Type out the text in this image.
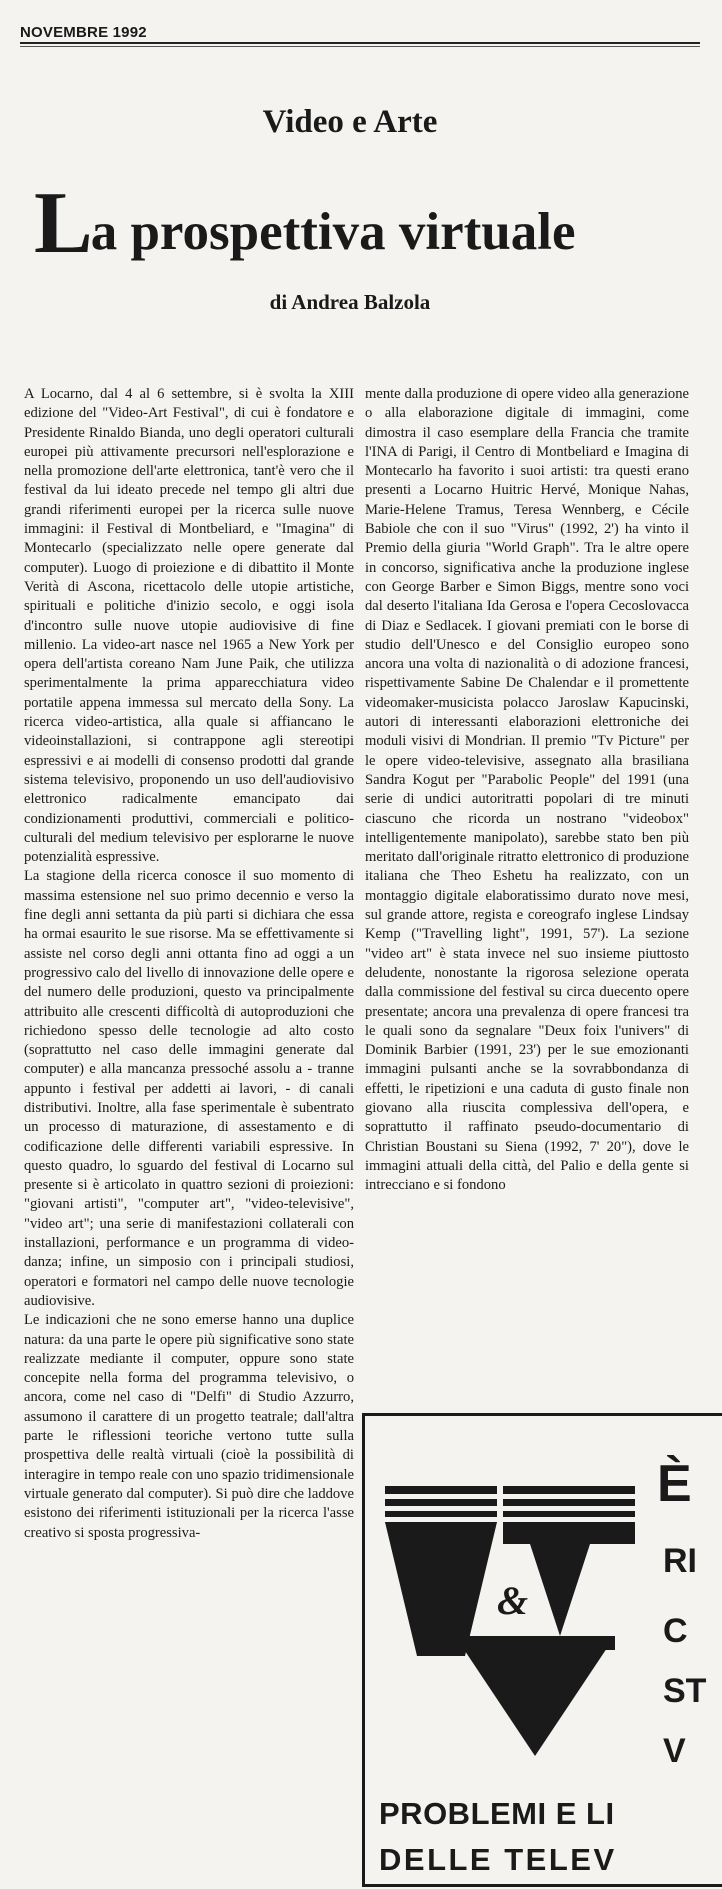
NOVEMBRE 1992
Video e Arte
La prospettiva virtuale
di Andrea Balzola

A Locarno, dal 4 al 6 settembre, si è svolta la XIII edizione del "Video-Art Festival", di cui è fondatore e Presidente Rinaldo Bianda, uno degli operatori culturali europei più attivamente precursori nell'esplorazione e nella promozione dell'arte elettronica, tant'è vero che il festival da lui ideato precede nel tempo gli altri due grandi riferimenti europei per la ricerca sulle nuove immagini: il Festival di Montbeliard, e "Imagina" di Montecarlo (specializzato nelle opere generate dal computer). Luogo di proiezione e di dibattito il Monte Verità di Ascona, ricettacolo delle utopie artistiche, spirituali e politiche d'inizio secolo, e oggi isola d'incontro sulle nuove utopie audiovisive di fine millenio. La video-art nasce nel 1965 a New York per opera dell'artista coreano Nam June Paik, che utilizza sperimentalmente la prima apparecchiatura video portatile appena immessa sul mercato della Sony. La ricerca video-artistica, alla quale si affiancano le videoinstallazioni, si contrappone agli stereotipi espressivi e ai modelli di consenso prodotti dal grande sistema televisivo, proponendo un uso dell'audiovisivo elettronico radicalmente emancipato dai condizionamenti produttivi, commerciali e politico-culturali del medium televisivo per esplorarne le nuove potenzialità espressive.

La stagione della ricerca conosce il suo momento di massima estensione nel suo primo decennio e verso la fine degli anni settanta da più parti si dichiara che essa ha ormai esaurito le sue risorse. Ma se effettivamente si assiste nel corso degli anni ottanta fino ad oggi a un progressivo calo del livello di innovazione delle opere e del numero delle produzioni, questo va principalmente attribuito alle crescenti difficoltà di autoproduzioni che richiedono spesso delle tecnologie ad alto costo (soprattutto nel caso delle immagini generate dal computer) e alla mancanza pressoché assolu a - tranne appunto i festival per addetti ai lavori, - di canali distributivi. Inoltre, alla fase sperimentale è subentrato un processo di maturazione, di assestamento e di codificazione delle differenti variabili espressive. In questo quadro, lo sguardo del festival di Locarno sul presente si è articolato in quattro sezioni di proiezioni: "giovani artisti", "computer art", "video-televisive", "video art"; una serie di manifestazioni collaterali con installazioni, performance e un programma di video-danza; infine, un simposio con i principali studiosi, operatori e formatori nel campo delle nuove tecnologie audiovisive.

Le indicazioni che ne sono emerse hanno una duplice natura: da una parte le opere più significative sono state realizzate mediante il computer, oppure sono state concepite nella forma del programma televisivo, o ancora, come nel caso di "Delfi" di Studio Azzurro, assumono il carattere di un progetto teatrale; dall'altra parte le riflessioni teoriche vertono tutte sulla prospettiva delle realtà virtuali (cioè la possibilità di interagire in tempo reale con uno spazio tridimensionale virtuale generato dal computer). Si può dire che laddove esistono dei riferimenti istituzionali per la ricerca l'asse creativo si sposta progressiva-

mente dalla produzione di opere video alla generazione o alla elaborazione digitale di immagini, come dimostra il caso esemplare della Francia che tramite l'INA di Parigi, il Centro di Montbeliard e Imagina di Montecarlo ha favorito i suoi artisti: tra questi erano presenti a Locarno Huitric Hervé, Monique Nahas, Marie-Helene Tramus, Teresa Wennberg, e Cécile Babiole che con il suo "Virus" (1992, 2') ha vinto il Premio della giuria "World Graph". Tra le altre opere in concorso, significativa anche la produzione inglese con George Barber e Simon Biggs, mentre sono voci dal deserto l'italiana Ida Gerosa e l'opera Cecoslovacca di Diaz e Sedlacek. I giovani premiati con le borse di studio dell'Unesco e del Consiglio europeo sono ancora una volta di nazionalità o di adozione francesi, rispettivamente Sabine De Chalendar e il promettente videomaker-musicista polacco Jaroslaw Kapucinski, autori di interessanti elaborazioni elettroniche dei moduli visivi di Mondrian. Il premio "Tv Picture" per le opere video-televisive, assegnato alla brasiliana Sandra Kogut per "Parabolic People" del 1991 (una serie di undici autoritratti popolari di tre minuti ciascuno che ricorda un nostrano "videobox" intelligentemente manipolato), sarebbe stato ben più meritato dall'originale ritratto elettronico di produzione italiana che Theo Eshetu ha realizzato, con un montaggio digitale elaboratissimo durato nove mesi, sul grande attore, regista e coreografo inglese Lindsay Kemp ("Travelling light", 1991, 57'). La sezione "video art" è stata invece nel suo insieme piuttosto deludente, nonostante la rigorosa selezione operata dalla commissione del festival su circa duecento opere presentate; ancora una prevalenza di opere francesi tra le quali sono da segnalare "Deux foix l'univers" di Dominik Barbier (1991, 23') per le sue emozionanti immagini pulsanti anche se la sovrabbondanza di effetti, le ripetizioni e una caduta di gusto finale non giovano alla riuscita complessiva dell'opera, e soprattutto il raffinato pseudo-documentario di Christian Boustani su Siena (1992, 7' 20"), dove le immagini attuali della città, del Palio e della gente si intrecciano e si fondono

&
È
RI
C
ST
V
PROBLEMI E LI
DELLE TELEV
